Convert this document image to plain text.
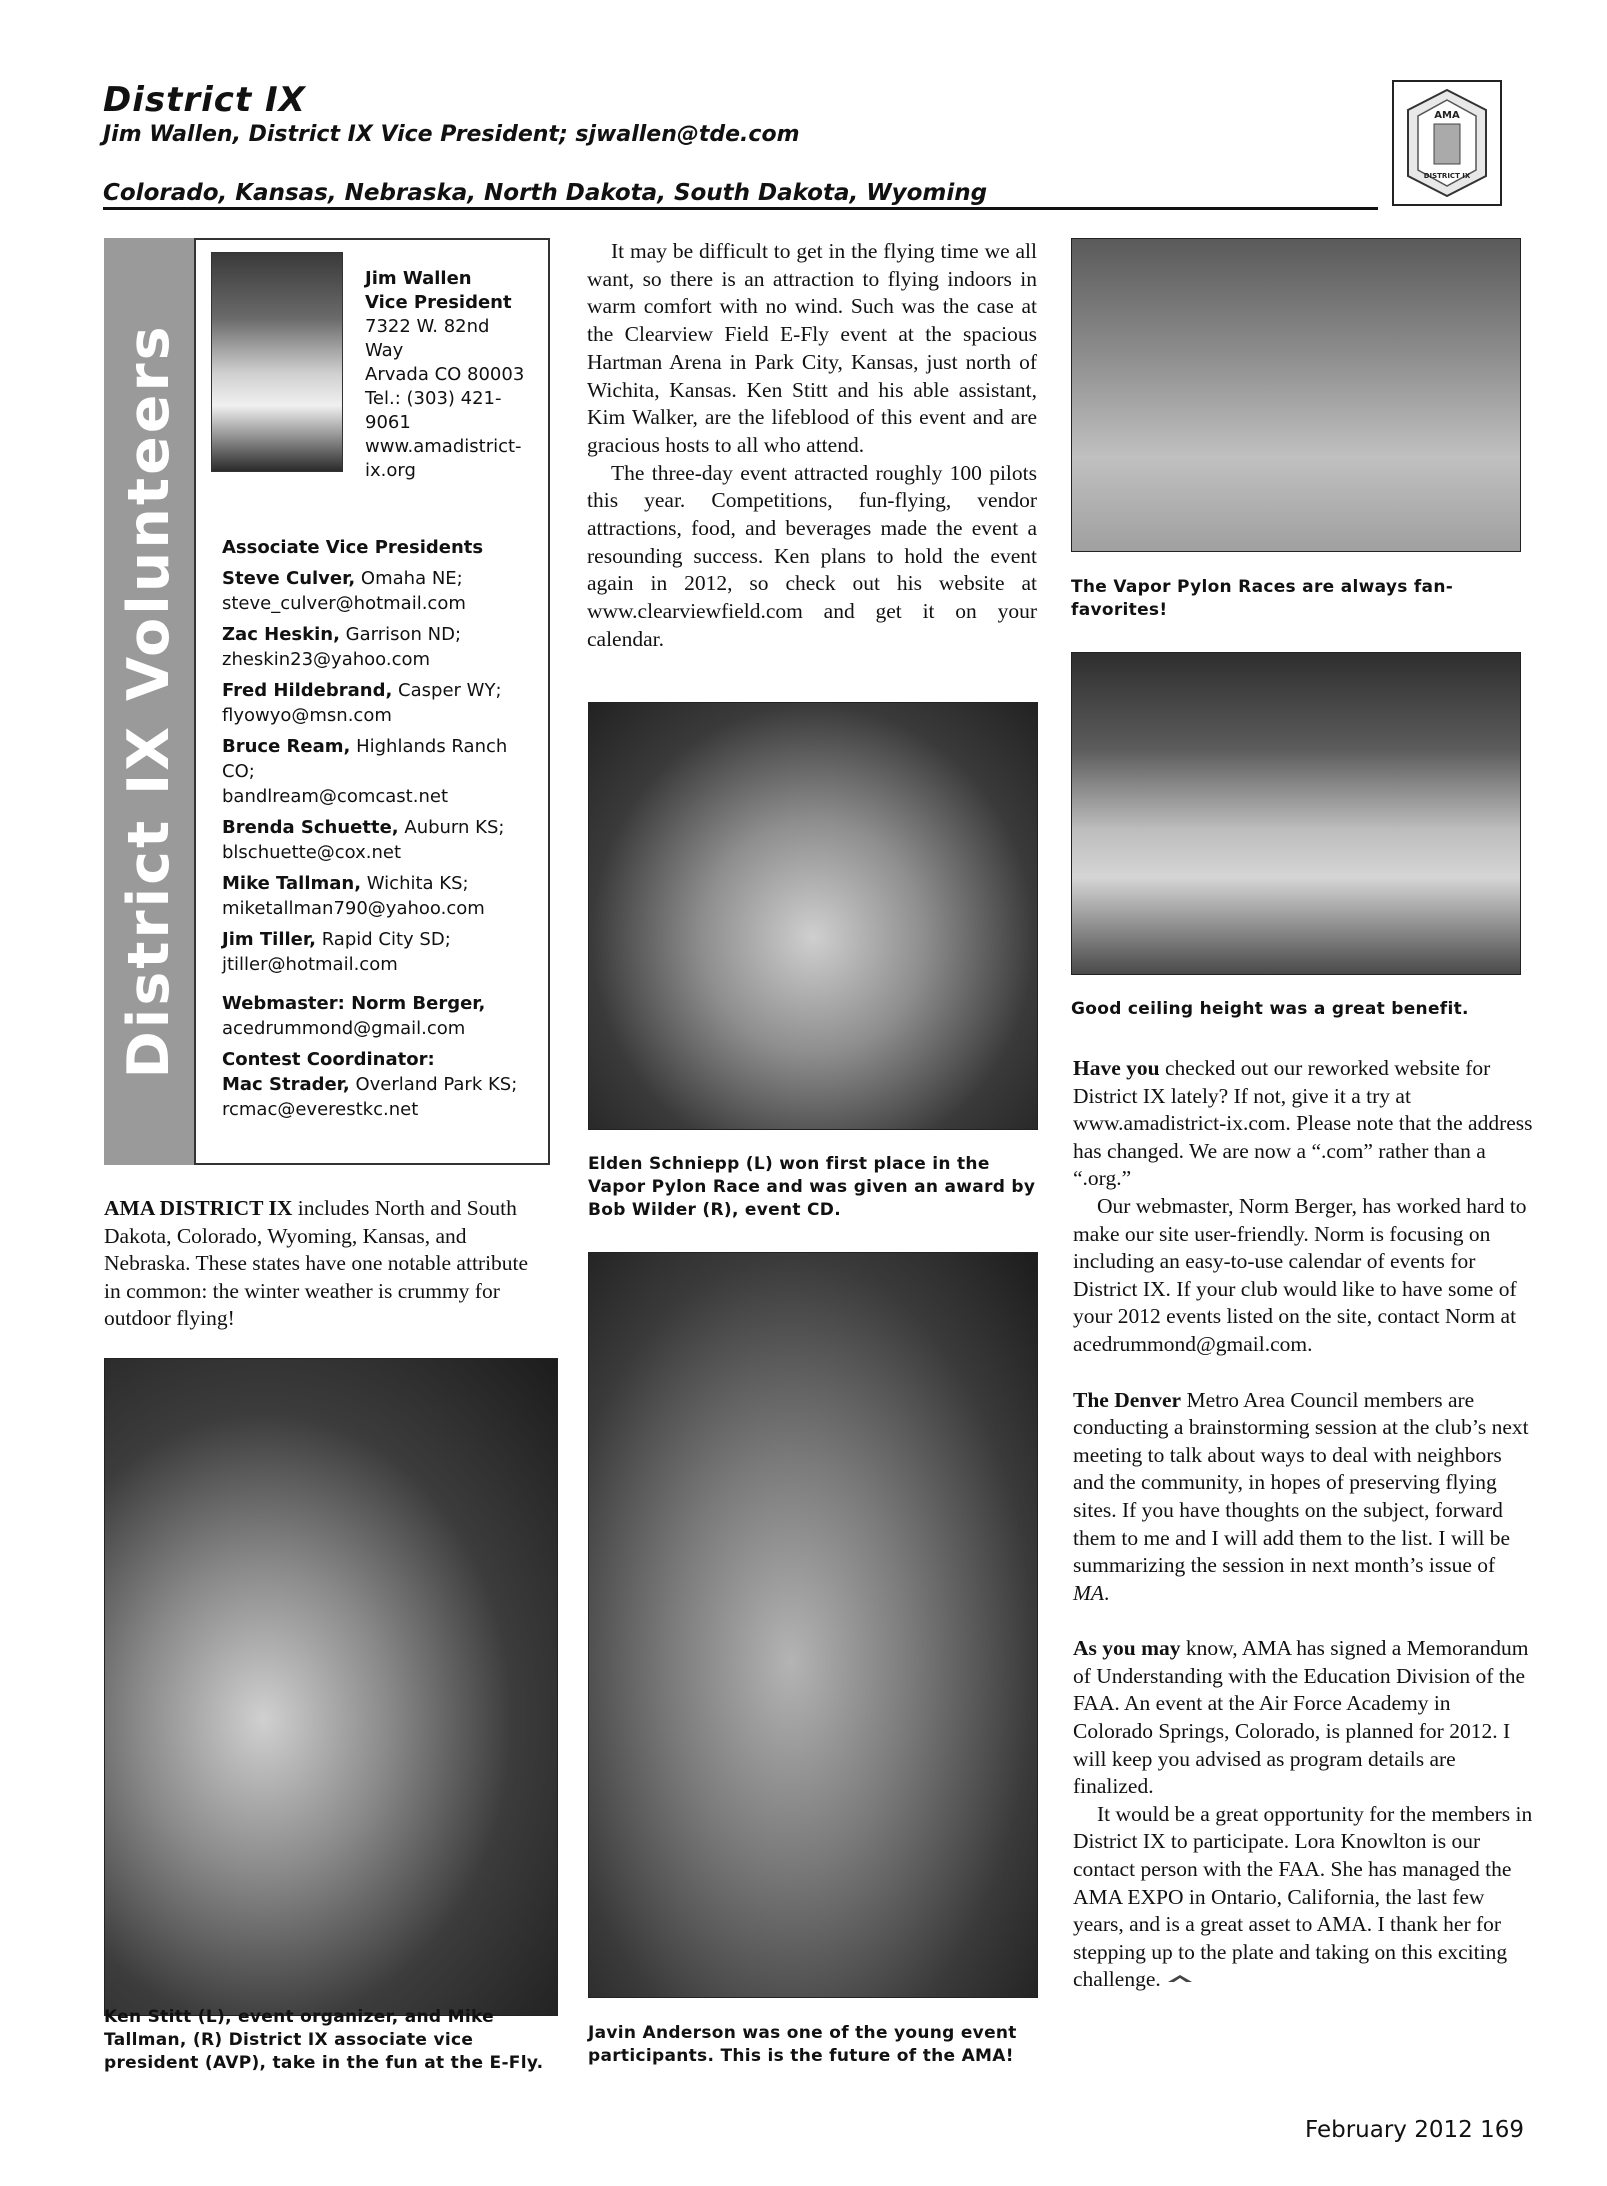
District IX
Jim Wallen, District IX Vice President; sjwallen@tde.com
Colorado, Kansas, Nebraska, North Dakota, South Dakota, Wyoming
AMA
DISTRICT IX
District IX Volunteers
Jim Wallen
Vice President
7322 W. 82nd
Way
Arvada CO 80003
Tel.: (303) 421-9061
www.amadistrict-ix.org
Associate Vice Presidents
Steve Culver, Omaha NE;
steve_culver@hotmail.com
Zac Heskin, Garrison ND;
zheskin23@yahoo.com
Fred Hildebrand, Casper WY;
flyowyo@msn.com
Bruce Ream, Highlands Ranch CO;
bandlream@comcast.net
Brenda Schuette, Auburn KS;
blschuette@cox.net
Mike Tallman, Wichita KS;
miketallman790@yahoo.com
Jim Tiller, Rapid City SD;
jtiller@hotmail.com
Webmaster: Norm Berger,
acedrummond@gmail.com
Contest Coordinator:
Mac Strader, Overland Park KS;
rcmac@everestkc.net

AMA DISTRICT IX includes North and South Dakota, Colorado, Wyoming, Kansas, and Nebraska. These states have one notable attribute in common: the winter weather is crummy for outdoor flying!

Ken Stitt (L), event organizer, and Mike Tallman, (R) District IX associate vice president (AVP), take in the fun at the E-Fly.

It may be difficult to get in the flying time we all want, so there is an attraction to flying indoors in warm comfort with no wind. Such was the case at the Clearview Field E-Fly event at the spacious Hartman Arena in Park City, Kansas, just north of Wichita, Kansas. Ken Stitt and his able assistant, Kim Walker, are the lifeblood of this event and are gracious hosts to all who attend.

The three-day event attracted roughly 100 pilots this year. Competitions, fun-flying, vendor attractions, food, and beverages made the event a resounding success. Ken plans to hold the event again in 2012, so check out his website at www.clearviewfield.com and get it on your calendar.

Elden Schniepp (L) won first place in the Vapor Pylon Race and was given an award by Bob Wilder (R), event CD.
Javin Anderson was one of the young event participants. This is the future of the AMA!
The Vapor Pylon Races are always fan-favorites!
Good ceiling height was a great benefit.

Have you checked out our reworked website for District IX lately? If not, give it a try at www.amadistrict-ix.com. Please note that the address has changed. We are now a “.com” rather than a “.org.”

Our webmaster, Norm Berger, has worked hard to make our site user-friendly. Norm is focusing on including an easy-to-use calendar of events for District IX. If your club would like to have some of your 2012 events listed on the site, contact Norm at acedrummond@gmail.com.

The Denver Metro Area Council members are conducting a brainstorming session at the club’s next meeting to talk about ways to deal with neighbors and the community, in hopes of preserving flying sites. If you have thoughts on the subject, forward them to me and I will add them to the list. I will be summarizing the session in next month’s issue of MA.

As you may know, AMA has signed a Memorandum of Understanding with the Education Division of the FAA. An event at the Air Force Academy in Colorado Springs, Colorado, is planned for 2012. I will keep you advised as program details are finalized.

It would be a great opportunity for the members in District IX to participate. Lora Knowlton is our contact person with the FAA. She has managed the AMA EXPO in Ontario, California, the last few years, and is a great asset to AMA. I thank her for stepping up to the plate and taking on this exciting challenge.

February 2012 169
